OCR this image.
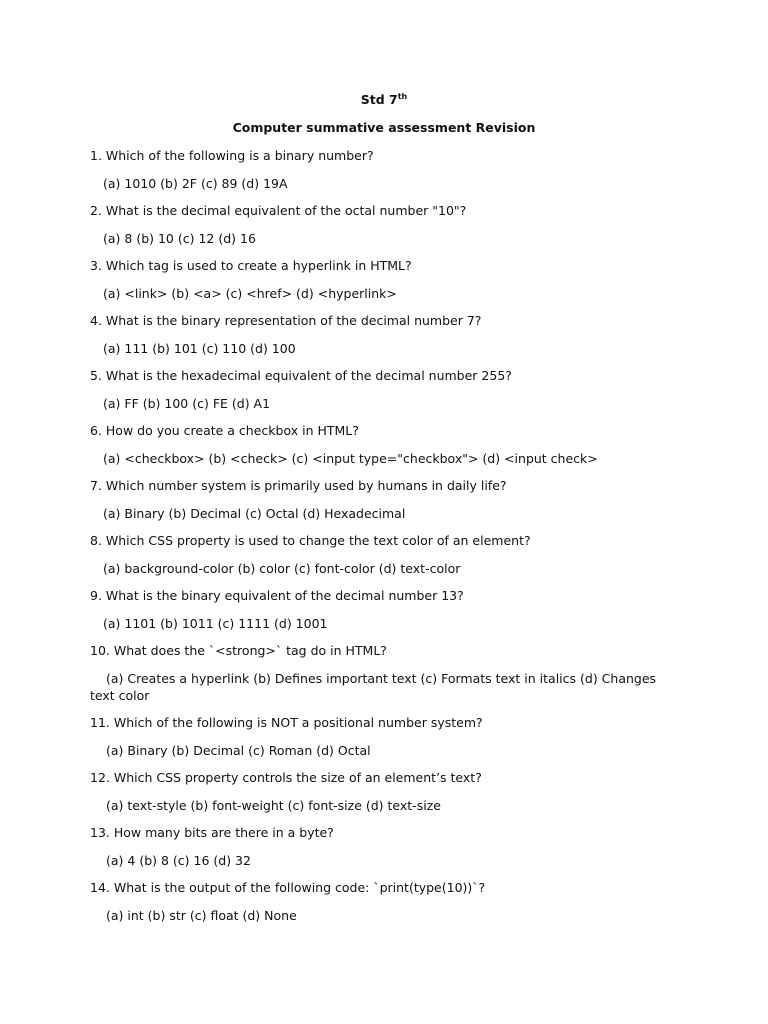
Std 7th
Computer summative assessment Revision

1. Which of the following is a binary number?

(a) 1010 (b) 2F (c) 89 (d) 19A

2. What is the decimal equivalent of the octal number "10"?

(a) 8 (b) 10 (c) 12 (d) 16

3. Which tag is used to create a hyperlink in HTML?

(a) <link> (b) <a> (c) <href> (d) <hyperlink>

4. What is the binary representation of the decimal number 7?

(a) 111 (b) 101 (c) 110 (d) 100

5. What is the hexadecimal equivalent of the decimal number 255?

(a) FF (b) 100 (c) FE (d) A1

6. How do you create a checkbox in HTML?

(a) <checkbox> (b) <check> (c) <input type="checkbox"> (d) <input check>

7. Which number system is primarily used by humans in daily life?

(a) Binary (b) Decimal (c) Octal (d) Hexadecimal

8. Which CSS property is used to change the text color of an element?

(a) background-color (b) color (c) font-color (d) text-color

9. What is the binary equivalent of the decimal number 13?

(a) 1101 (b) 1011 (c) 1111 (d) 1001

10. What does the `<strong>` tag do in HTML?

(a) Creates a hyperlink (b) Defines important text (c) Formats text in italics (d) Changes text color

11. Which of the following is NOT a positional number system?

(a) Binary (b) Decimal (c) Roman (d) Octal

12. Which CSS property controls the size of an element’s text?

(a) text-style (b) font-weight (c) font-size (d) text-size

13. How many bits are there in a byte?

(a) 4 (b) 8 (c) 16 (d) 32

14. What is the output of the following code: `print(type(10))`?

(a) int (b) str (c) float (d) None
